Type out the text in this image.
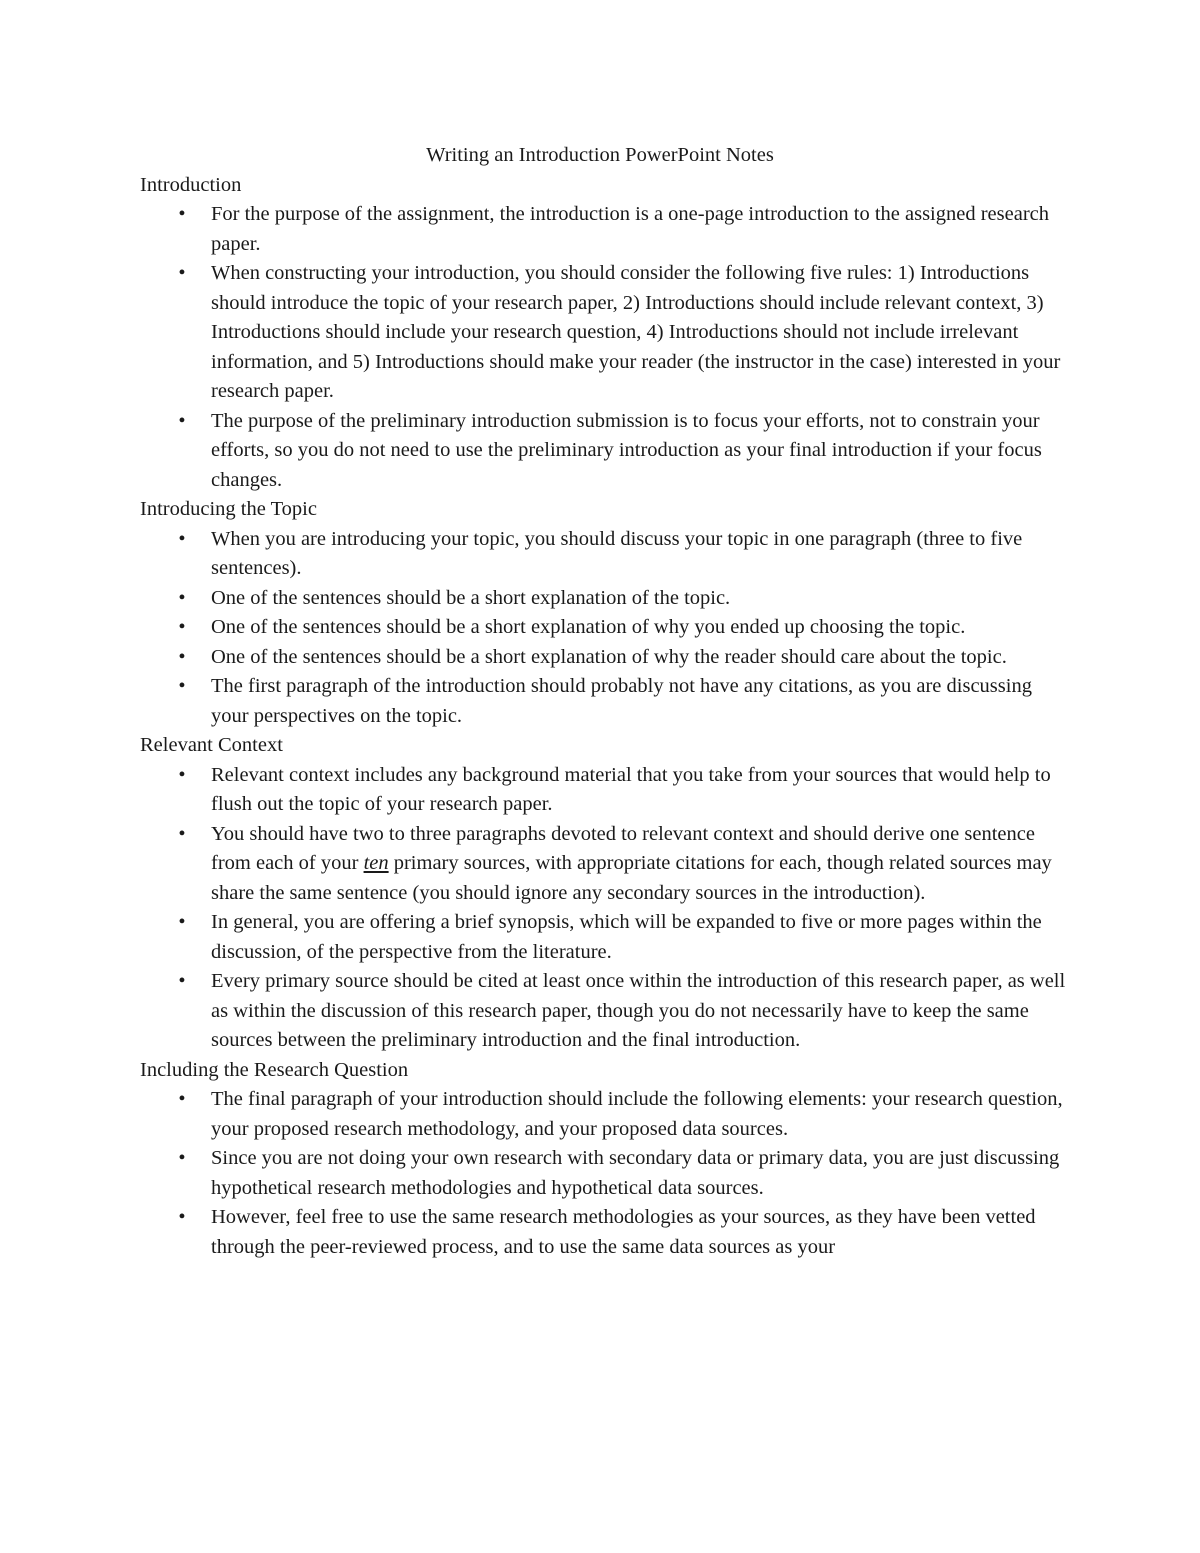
Writing an Introduction PowerPoint Notes
Introduction
• For the purpose of the assignment, the introduction is a one-page introduction to the assigned research paper.
• When constructing your introduction, you should consider the following five rules: 1) Introductions should introduce the topic of your research paper, 2) Introductions should include relevant context, 3) Introductions should include your research question, 4) Introductions should not include irrelevant information, and 5) Introductions should make your reader (the instructor in the case) interested in your research paper.
• The purpose of the preliminary introduction submission is to focus your efforts, not to constrain your efforts, so you do not need to use the preliminary introduction as your final introduction if your focus changes.
Introducing the Topic
• When you are introducing your topic, you should discuss your topic in one paragraph (three to five sentences).
• One of the sentences should be a short explanation of the topic.
• One of the sentences should be a short explanation of why you ended up choosing the topic.
• One of the sentences should be a short explanation of why the reader should care about the topic.
• The first paragraph of the introduction should probably not have any citations, as you are discussing your perspectives on the topic.
Relevant Context
• Relevant context includes any background material that you take from your sources that would help to flush out the topic of your research paper.
• You should have two to three paragraphs devoted to relevant context and should derive one sentence from each of your ten primary sources, with appropriate citations for each, though related sources may share the same sentence (you should ignore any secondary sources in the introduction).
• In general, you are offering a brief synopsis, which will be expanded to five or more pages within the discussion, of the perspective from the literature.
• Every primary source should be cited at least once within the introduction of this research paper, as well as within the discussion of this research paper, though you do not necessarily have to keep the same sources between the preliminary introduction and the final introduction.
Including the Research Question
• The final paragraph of your introduction should include the following elements: your research question, your proposed research methodology, and your proposed data sources.
• Since you are not doing your own research with secondary data or primary data, you are just discussing hypothetical research methodologies and hypothetical data sources.
• However, feel free to use the same research methodologies as your sources, as they have been vetted through the peer-reviewed process, and to use the same data sources as your
